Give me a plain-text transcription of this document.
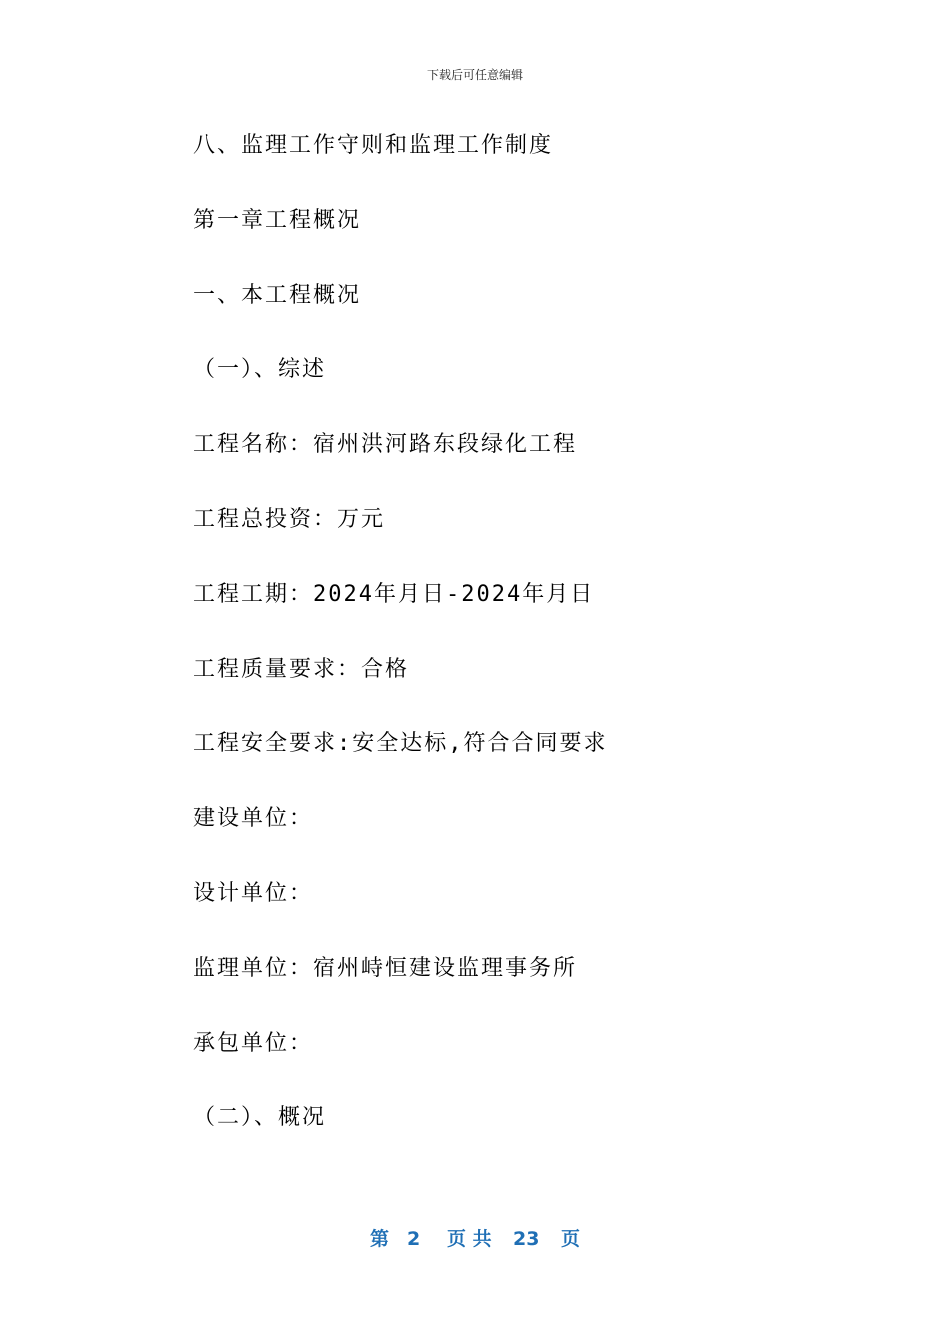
下载后可任意编辑
八、监理工作守则和监理工作制度
第一章工程概况
一、本工程概况
（一）、综述
工程名称：宿州洪河路东段绿化工程
工程总投资：万元
工程工期：2024年月日-2024年月日
工程质量要求：合格
工程安全要求:安全达标,符合合同要求
建设单位：
设计单位：
监理单位：宿州峙恒建设监理事务所
承包单位：
（二）、概况
第 2 页 共 23 页
